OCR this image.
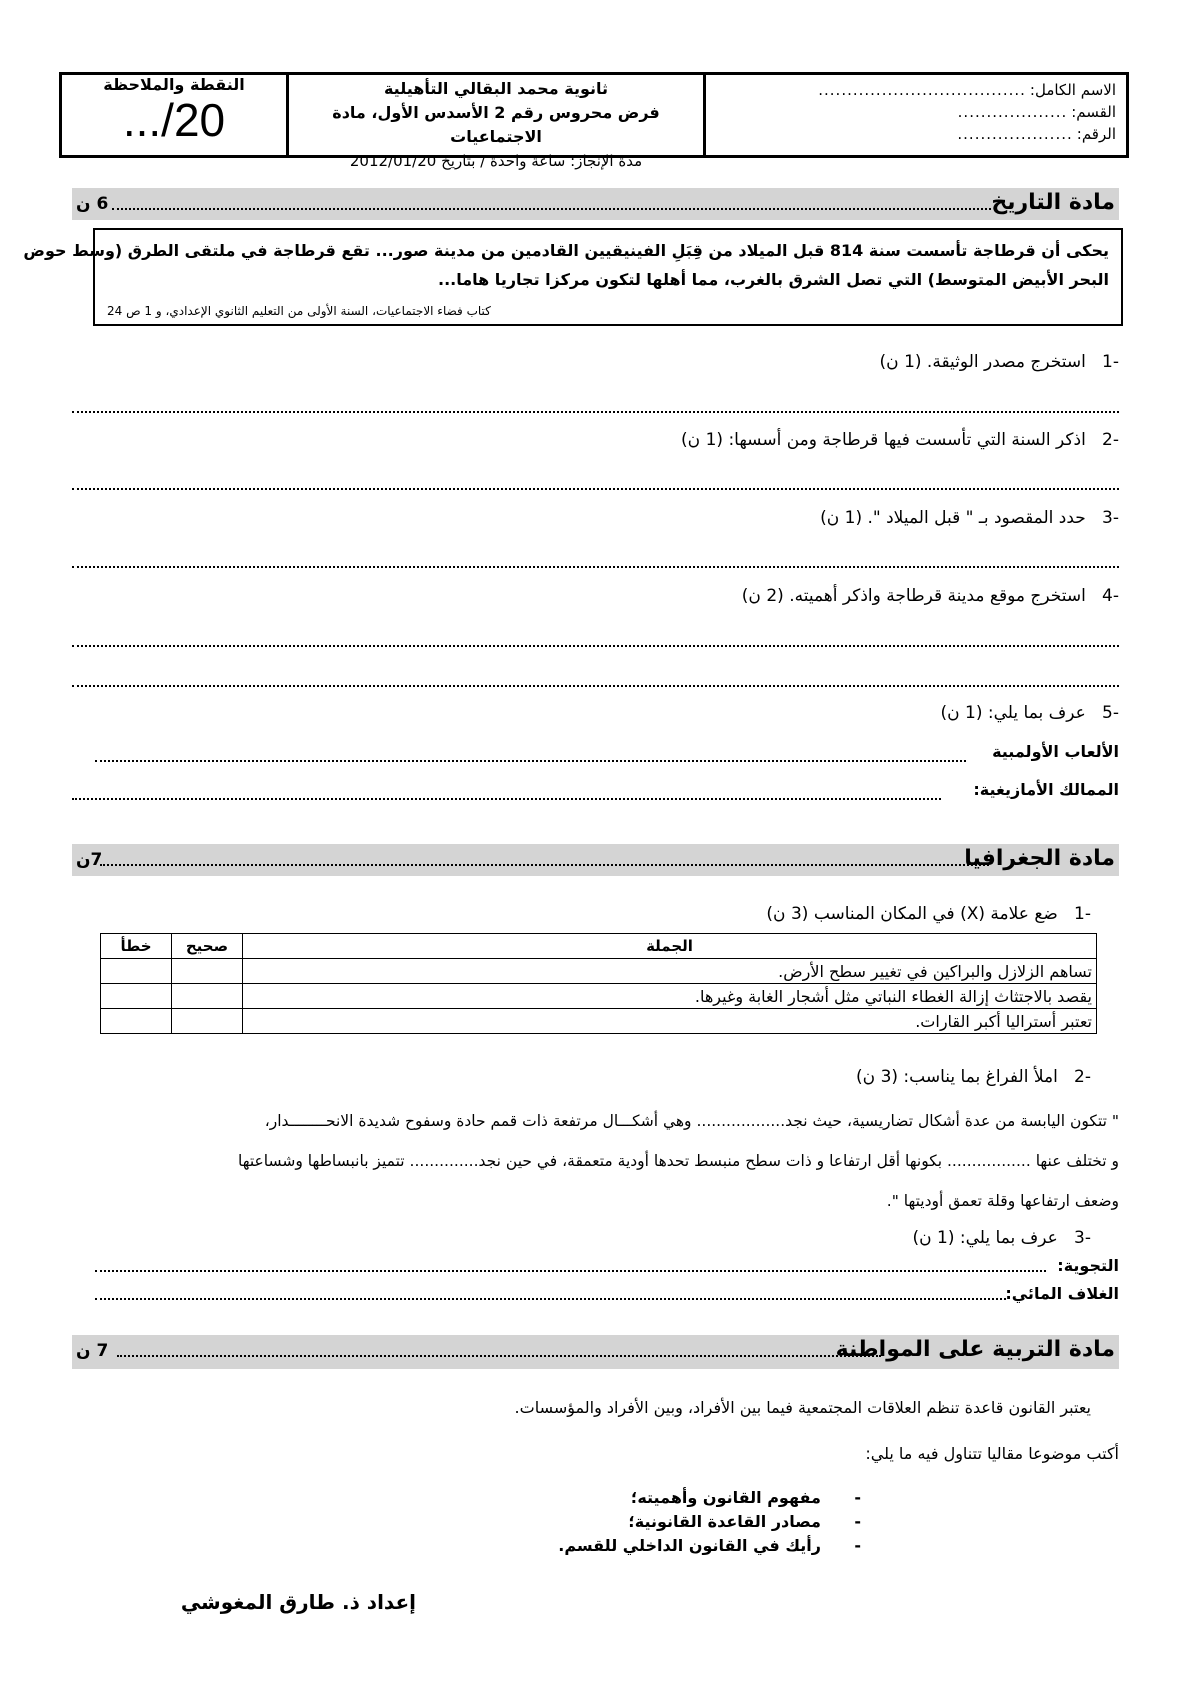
الاسم الكامل:
....................................
القسم:
...................
الرقم:
....................
ثانوية محمد البقالي التأهيلية
فرض محروس رقم 2 الأسدس الأول، مادة الاجتماعيات
مدة الإنجاز: ساعة واحدة / بتاريخ 2012/01/20
النقطة والملاحظة
.../20
مادة التاريخ
6 ن
يحكى أن قرطاجة تأسست سنة 814 قبل الميلاد من قِبَلِ الفينيقيين القادمين من مدينة صور... تقع قرطاجة في ملتقى الطرق (وسط حوض
البحر الأبيض المتوسط) التي تصل الشرق بالغرب، مما أهلها لتكون مركزا تجاريا هاما...
كتاب فضاء الاجتماعيات، السنة الأولى من التعليم الثانوي الإعدادي، و 1 ص 24
-1   استخرج مصدر الوثيقة. (1 ن)
-2   اذكر السنة التي تأسست فيها قرطاجة ومن أسسها: (1 ن)
-3   حدد المقصود بـ " قبل الميلاد ". (1 ن)
-4   استخرج موقع مدينة قرطاجة واذكر أهميته. (2 ن)
-5   عرف بما يلي: (1 ن)
الألعاب الأولمبية
الممالك الأمازيغية:
مادة الجغرافيا
7ن
-1   ضع علامة (X) في المكان المناسب (3 ن)
الجملة	صحيح	خطأ
تساهم الزلازل والبراكين في تغيير سطح الأرض.		
يقصد بالاجتثاث إزالة الغطاء النباتي مثل أشجار الغابة وغيرها.		
تعتبر أستراليا أكبر القارات.		
-2   املأ الفراغ بما يناسب: (3 ن)
" تتكون اليابسة من عدة أشكال تضاريسية، حيث نجد.................. وهي أشكـــال مرتفعة ذات قمم حادة وسفوح شديدة الانحــــــــدار،
و تختلف عنها ................. بكونها أقل ارتفاعا و ذات سطح منبسط تحدها أودية متعمقة، في حين نجد.............. تتميز بانبساطها وشساعتها
وضعف ارتفاعها وقلة تعمق أوديتها ".
-3   عرف بما يلي: (1 ن)
التجوية:
الغلاف المائي:
مادة التربية على المواطنة
7 ن
يعتبر القانون قاعدة تنظم العلاقات المجتمعية فيما بين الأفراد، وبين الأفراد والمؤسسات.
أكتب موضوعا مقاليا تتناول فيه ما يلي:
-      مفهوم القانون وأهميته؛
-      مصادر القاعدة القانونية؛
-      رأيك في القانون الداخلي للقسم.
إعداد ذ. طارق المغوشي
